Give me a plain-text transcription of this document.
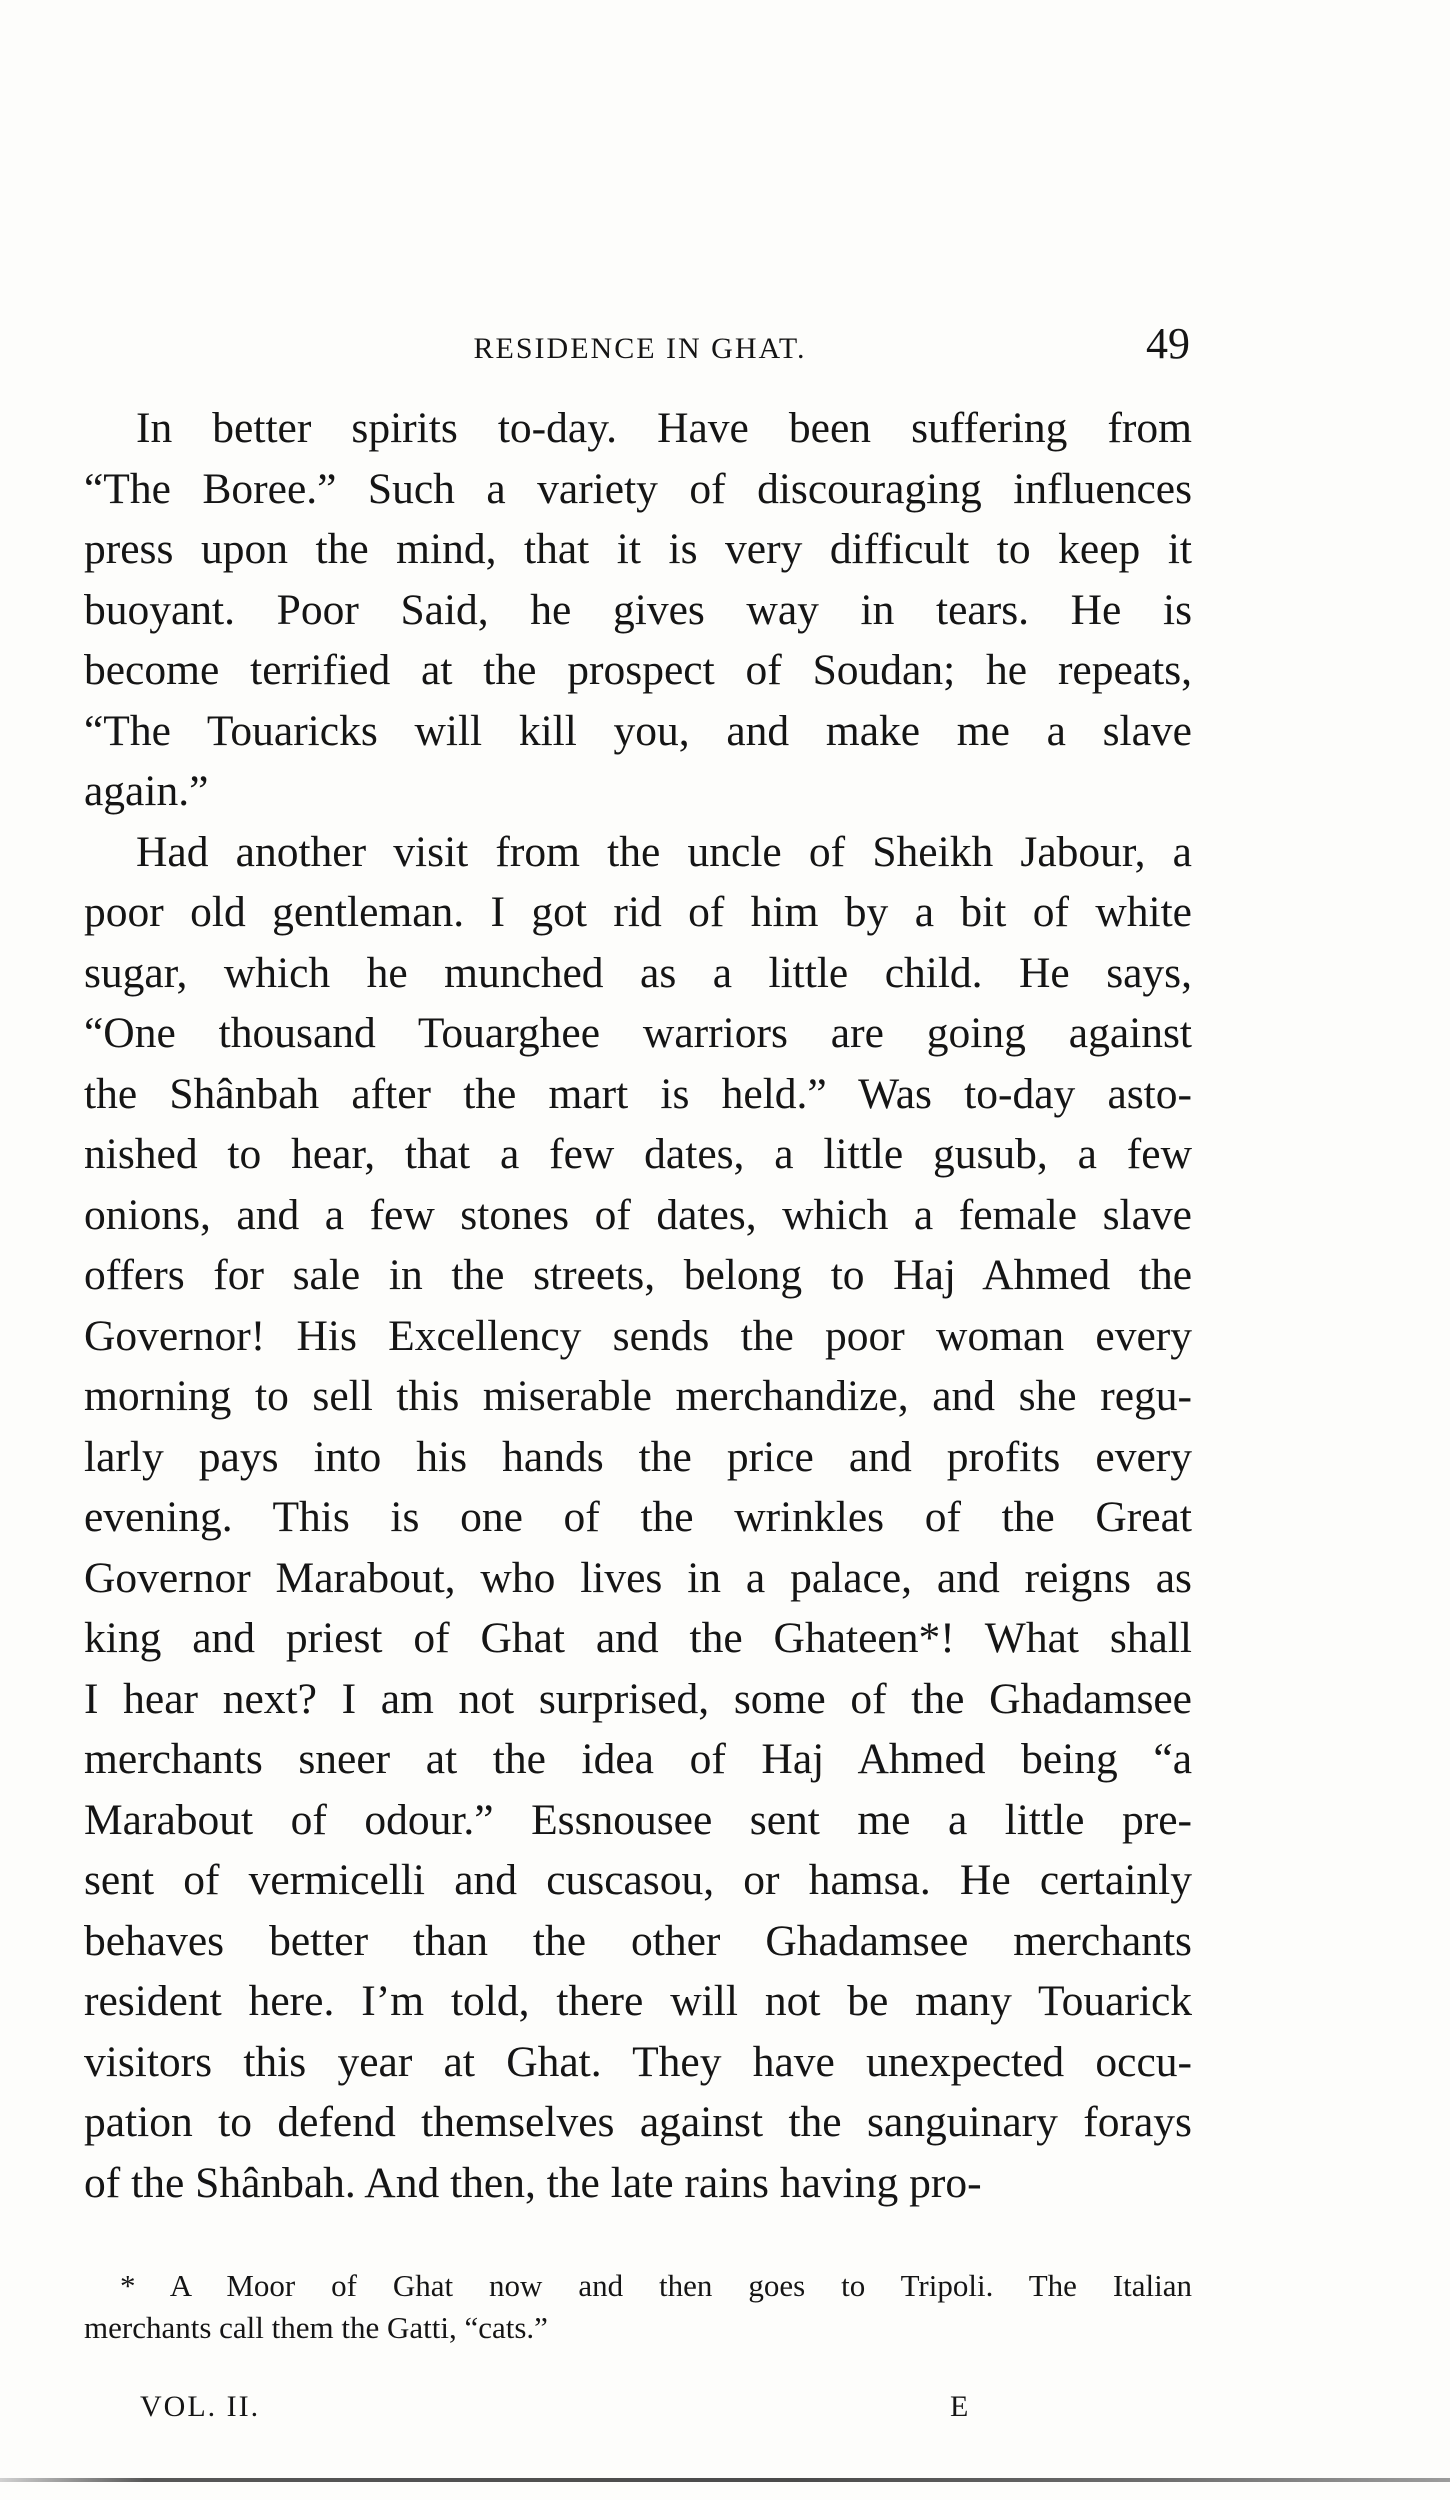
RESIDENCE IN GHAT.	49
In better spirits to-day. Have been suffering from
“The Boree.” Such a variety of discouraging influences
press upon the mind, that it is very difficult to keep it
buoyant. Poor Said, he gives way in tears. He is
become terrified at the prospect of Soudan; he repeats,
“The Touaricks will kill you, and make me a slave
again.”
Had another visit from the uncle of Sheikh Jabour, a
poor old gentleman. I got rid of him by a bit of white
sugar, which he munched as a little child. He says,
“One thousand Touarghee warriors are going against
the Shânbah after the mart is held.” Was to-day asto-
nished to hear, that a few dates, a little gusub, a few
onions, and a few stones of dates, which a female slave
offers for sale in the streets, belong to Haj Ahmed the
Governor! His Excellency sends the poor woman every
morning to sell this miserable merchandize, and she regu-
larly pays into his hands the price and profits every
evening. This is one of the wrinkles of the Great
Governor Marabout, who lives in a palace, and reigns as
king and priest of Ghat and the Ghateen*! What shall
I hear next? I am not surprised, some of the Ghadamsee
merchants sneer at the idea of Haj Ahmed being “a
Marabout of odour.” Essnousee sent me a little pre-
sent of vermicelli and cuscasou, or hamsa. He certainly
behaves better than the other Ghadamsee merchants
resident here. I’m told, there will not be many Touarick
visitors this year at Ghat. They have unexpected occu-
pation to defend themselves against the sanguinary forays
of the Shânbah. And then, the late rains having pro-
* A Moor of Ghat now and then goes to Tripoli. The Italian
merchants call them the Gatti, “cats.”
VOL. II.	E
